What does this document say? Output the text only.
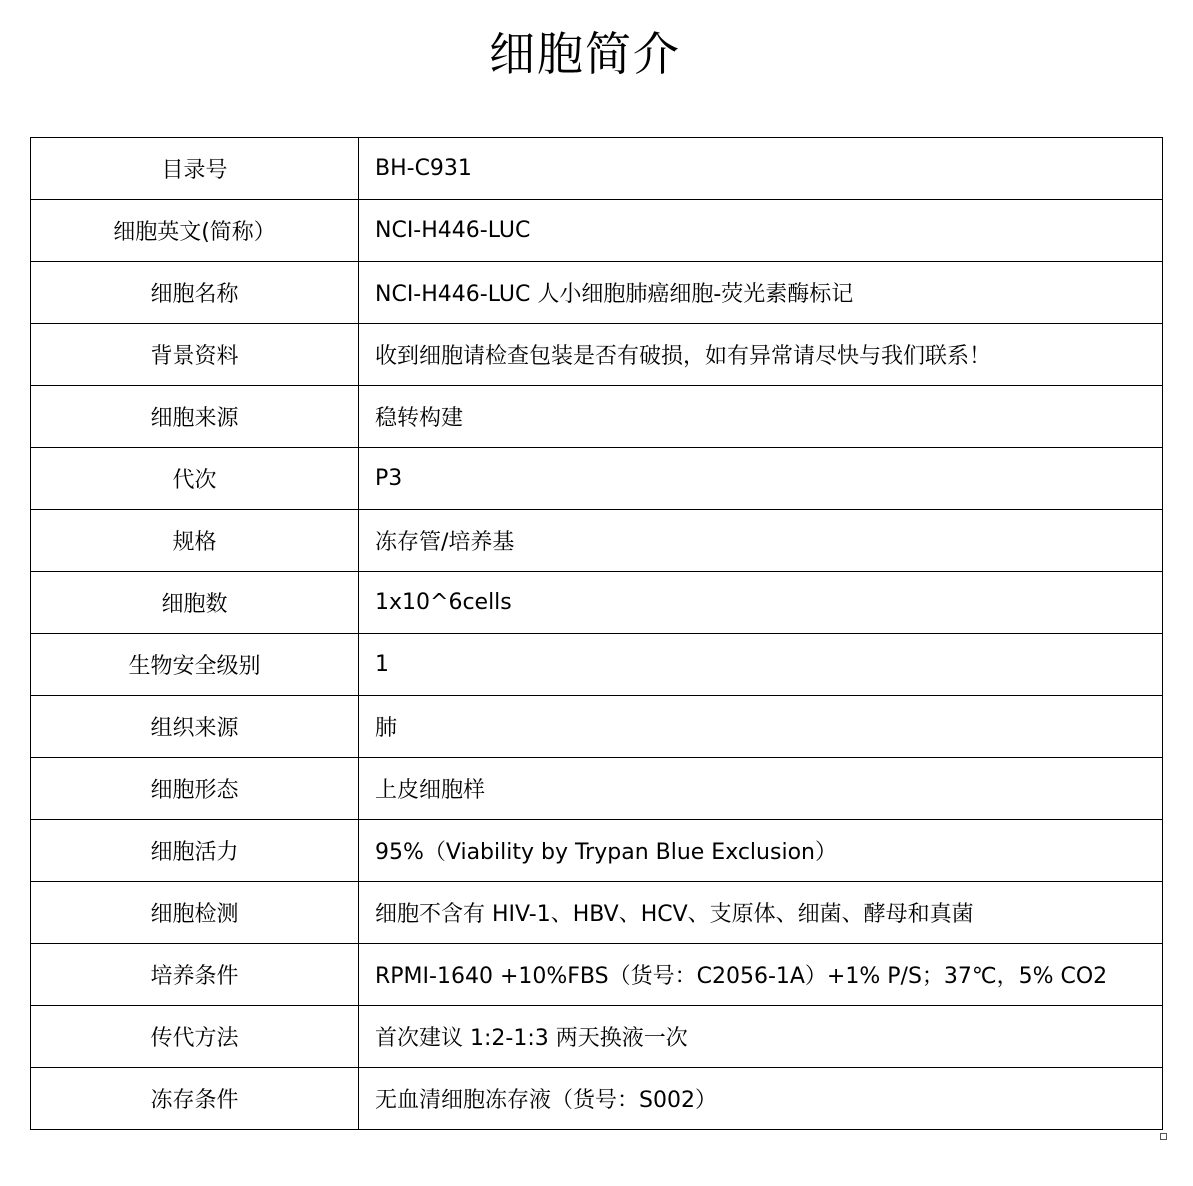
细胞简介
目录号	BH-C931
细胞英文(简称）	NCI-H446-LUC
细胞名称	NCI-H446-LUC 人小细胞肺癌细胞-荧光素酶标记
背景资料	收到细胞请检查包装是否有破损，如有异常请尽快与我们联系！
细胞来源	稳转构建
代次	P3
规格	冻存管/培养基
细胞数	1x10^6cells
生物安全级别	1
组织来源	肺
细胞形态	上皮细胞样
细胞活力	95%（Viability by Trypan Blue Exclusion）
细胞检测	细胞不含有 HIV-1、HBV、HCV、支原体、细菌、酵母和真菌
培养条件	RPMI-1640 +10%FBS（货号：C2056-1A）+1% P/S；37℃，5% CO2
传代方法	首次建议 1:2-1:3 两天换液一次
冻存条件	无血清细胞冻存液（货号：S002）
